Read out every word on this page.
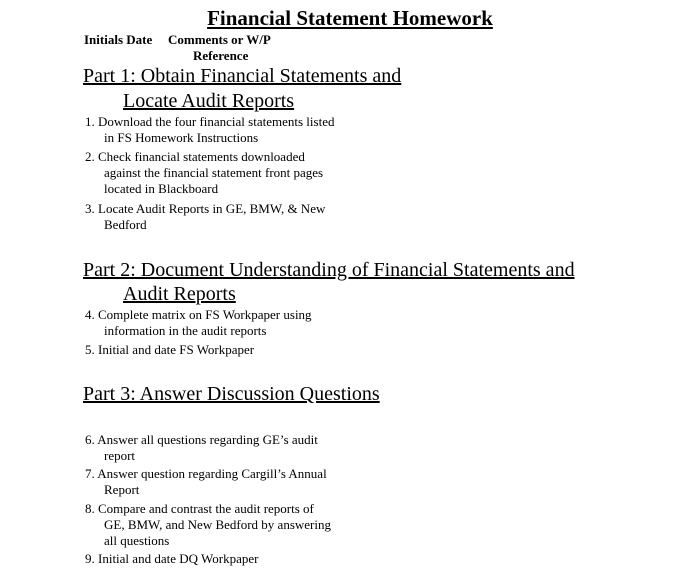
Financial Statement Homework
Initials Date Comments or W/P
Reference
Part 1: Obtain Financial Statements and
Locate Audit Reports
1. Download the four financial statements listed
in FS Homework Instructions
2. Check financial statements downloaded
against the financial statement front pages
located in Blackboard
3. Locate Audit Reports in GE, BMW, & New
Bedford
Part 2: Document Understanding of Financial Statements and
Audit Reports
4. Complete matrix on FS Workpaper using
information in the audit reports
5. Initial and date FS Workpaper
Part 3: Answer Discussion Questions
6. Answer all questions regarding GE’s audit
report
7. Answer question regarding Cargill’s Annual
Report
8. Compare and contrast the audit reports of
GE, BMW, and New Bedford by answering
all questions
9. Initial and date DQ Workpaper
